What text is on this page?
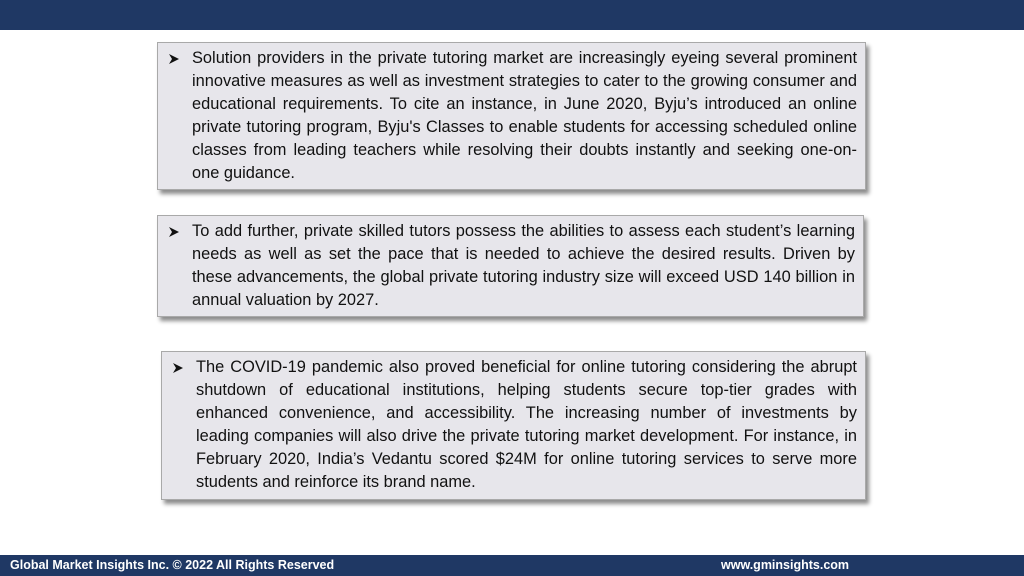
Solution providers in the private tutoring market are increasingly eyeing several prominent innovative measures as well as investment strategies to cater to the growing consumer and educational requirements. To cite an instance, in June 2020, Byju’s introduced an online private tutoring program, Byju's Classes to enable students for accessing scheduled online classes from leading teachers while resolving their doubts instantly and seeking one-on-one guidance.

To add further, private skilled tutors possess the abilities to assess each student’s learning needs as well as set the pace that is needed to achieve the desired results. Driven by these advancements, the global private tutoring industry size will exceed USD 140 billion in annual valuation by 2027.

The COVID-19 pandemic also proved beneficial for online tutoring considering the abrupt shutdown of educational institutions, helping students secure top-tier grades with enhanced convenience, and accessibility. The increasing number of investments by leading companies will also drive the private tutoring market development. For instance, in February 2020, India’s Vedantu scored $24M for online tutoring services to serve more students and reinforce its brand name.

Global Market Insights Inc. © 2022 All Rights Reserved	www.gminsights.com
